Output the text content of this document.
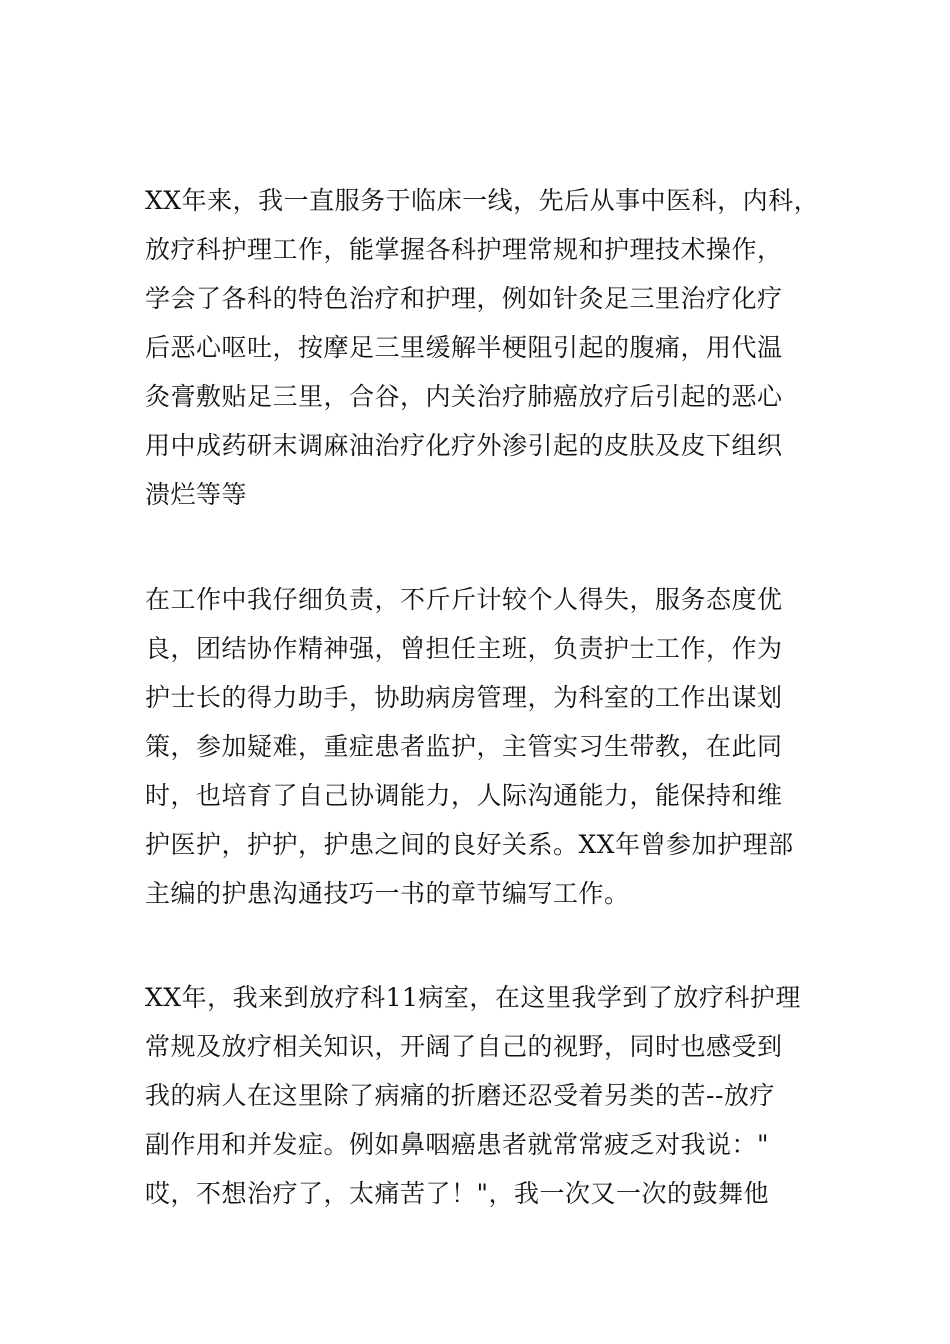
XX年来，我一直服务于临床一线，先后从事中医科，内科，
放疗科护理工作，能掌握各科护理常规和护理技术操作，
学会了各科的特色治疗和护理，例如针灸足三里治疗化疗
后恶心呕吐，按摩足三里缓解半梗阻引起的腹痛，用代温
灸膏敷贴足三里，合谷，内关治疗肺癌放疗后引起的恶心
用中成药研末调麻油治疗化疗外渗引起的皮肤及皮下组织
溃烂等等
在工作中我仔细负责，不斤斤计较个人得失，服务态度优
良，团结协作精神强，曾担任主班，负责护士工作，作为
护士长的得力助手，协助病房管理，为科室的工作出谋划
策，参加疑难，重症患者监护，主管实习生带教，在此同
时，也培育了自己协调能力，人际沟通能力，能保持和维
护医护，护护，护患之间的良好关系。XX年曾参加护理部
主编的护患沟通技巧一书的章节编写工作。
XX年，我来到放疗科11病室，在这里我学到了放疗科护理
常规及放疗相关知识，开阔了自己的视野，同时也感受到
我的病人在这里除了病痛的折磨还忍受着另类的苦--放疗
副作用和并发症。例如鼻咽癌患者就常常疲乏对我说："
哎，不想治疗了，太痛苦了！"，我一次又一次的鼓舞他
